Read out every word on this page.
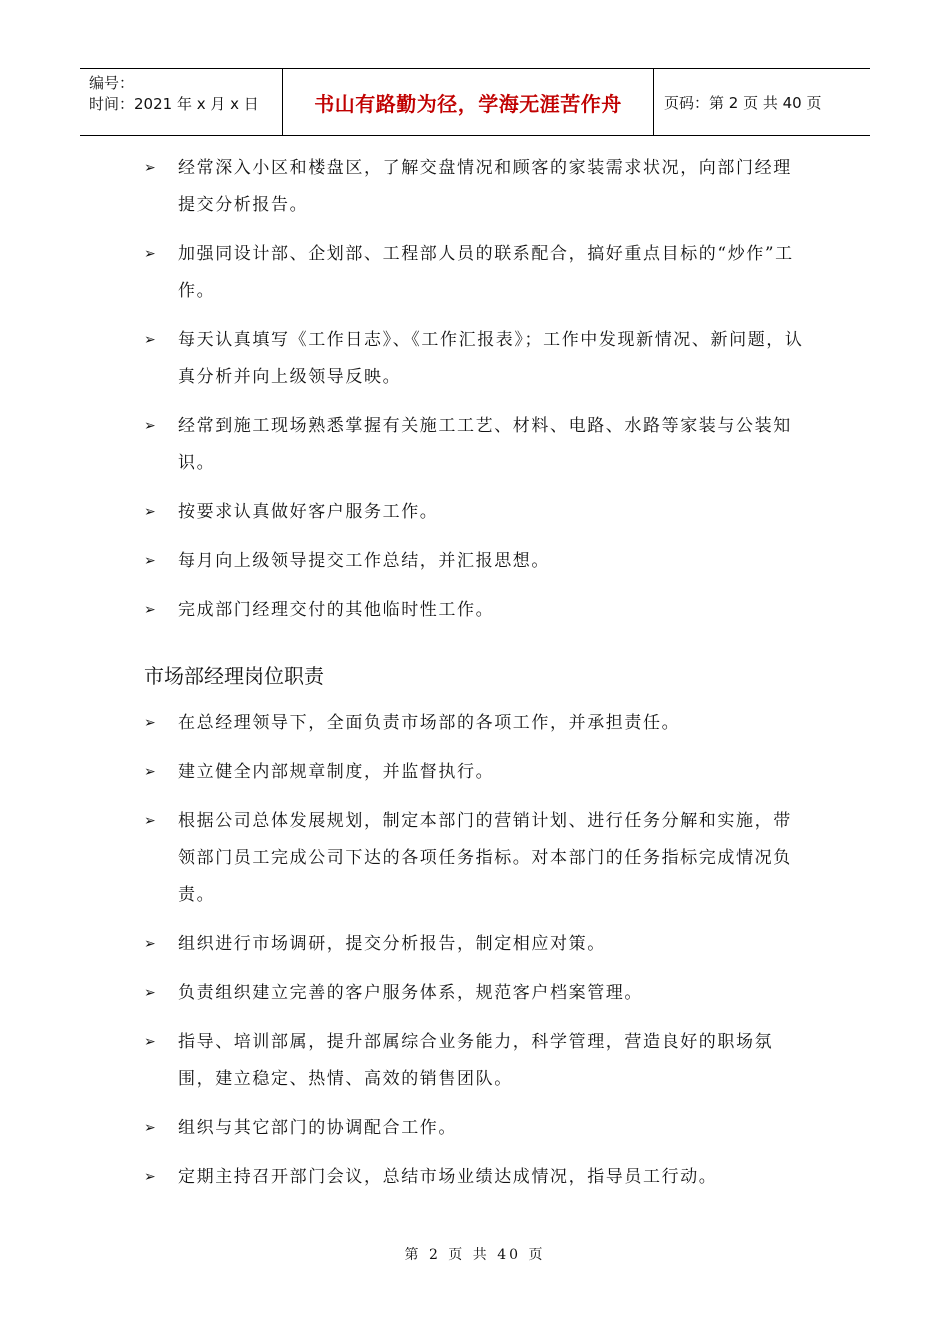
编号：
时间：2021 年 x 月 x 日	书山有路勤为径，学海无涯苦作舟	页码：第 2 页 共 40 页
➢	经常深入小区和楼盘区，了解交盘情况和顾客的家装需求状况，向部门经理提交分析报告。
➢	加强同设计部、企划部、工程部人员的联系配合，搞好重点目标的“炒作”工作。
➢	每天认真填写《工作日志》、《工作汇报表》；工作中发现新情况、新问题，认真分析并向上级领导反映。
➢	经常到施工现场熟悉掌握有关施工工艺、材料、电路、水路等家装与公装知识。
➢	按要求认真做好客户服务工作。
➢	每月向上级领导提交工作总结，并汇报思想。
➢	完成部门经理交付的其他临时性工作。
市场部经理岗位职责
➢	在总经理领导下，全面负责市场部的各项工作，并承担责任。
➢	建立健全内部规章制度，并监督执行。
➢	根据公司总体发展规划，制定本部门的营销计划、进行任务分解和实施，带领部门员工完成公司下达的各项任务指标。对本部门的任务指标完成情况负责。
➢	组织进行市场调研，提交分析报告，制定相应对策。
➢	负责组织建立完善的客户服务体系，规范客户档案管理。
➢	指导、培训部属，提升部属综合业务能力，科学管理，营造良好的职场氛围，建立稳定、热情、高效的销售团队。
➢	组织与其它部门的协调配合工作。
➢	定期主持召开部门会议，总结市场业绩达成情况，指导员工行动。
第 2 页 共 40 页
